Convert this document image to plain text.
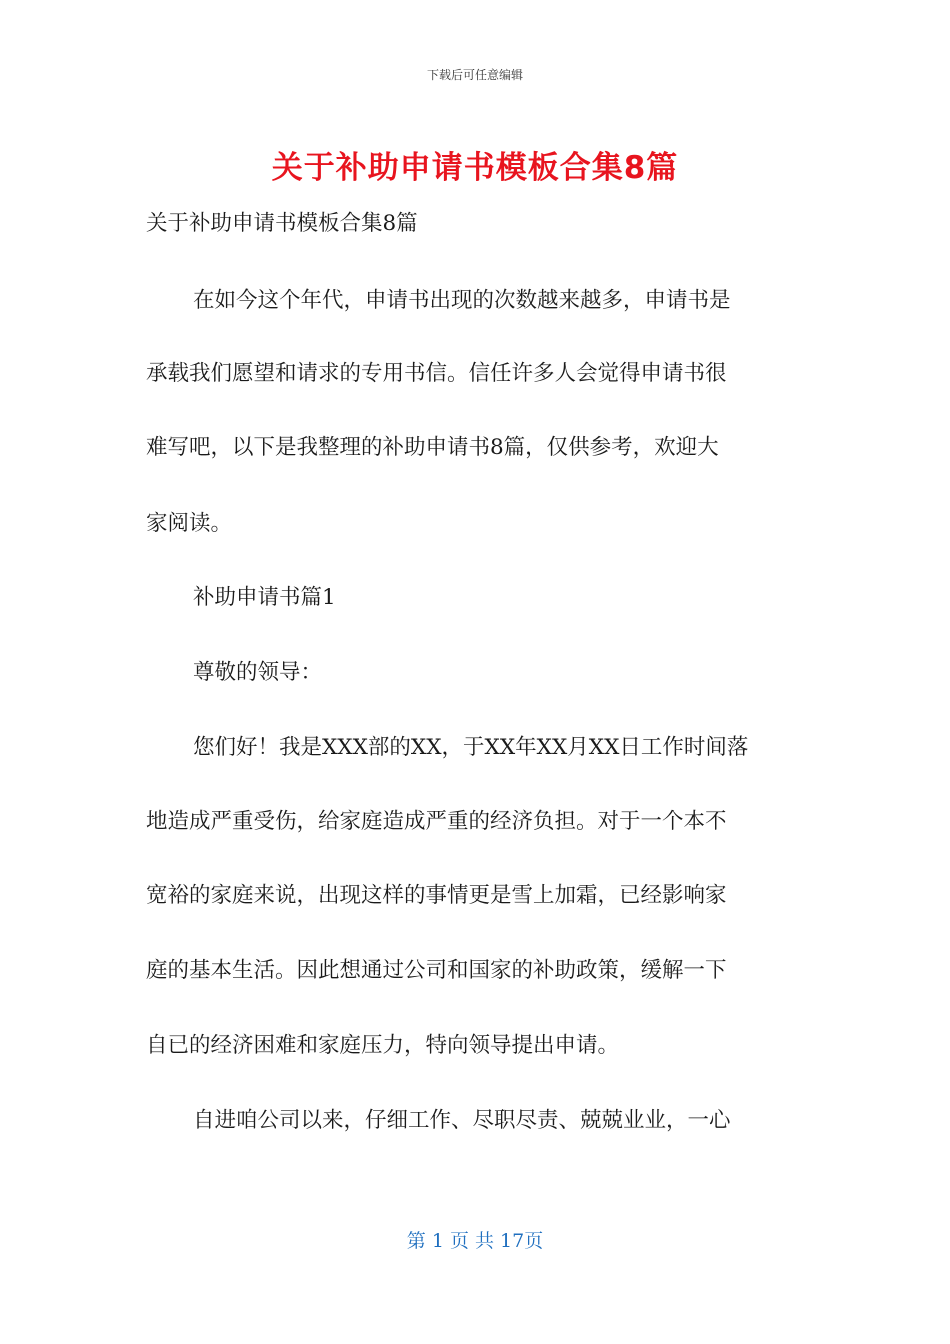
下载后可任意编辑
关于补助申请书模板合集8篇
关于补助申请书模板合集8篇
在如今这个年代，申请书出现的次数越来越多，申请书是
承载我们愿望和请求的专用书信。信任许多人会觉得申请书很
难写吧，以下是我整理的补助申请书8篇，仅供参考，欢迎大
家阅读。
补助申请书篇1
尊敬的领导：
您们好！我是XXX部的XX，于XX年XX月XX日工作时间落
地造成严重受伤，给家庭造成严重的经济负担。对于一个本不
宽裕的家庭来说，出现这样的事情更是雪上加霜，已经影响家
庭的基本生活。因此想通过公司和国家的补助政策，缓解一下
自已的经济困难和家庭压力，特向领导提出申请。
自进咱公司以来，仔细工作、尽职尽责、兢兢业业，一心
第 1 页 共 17页
